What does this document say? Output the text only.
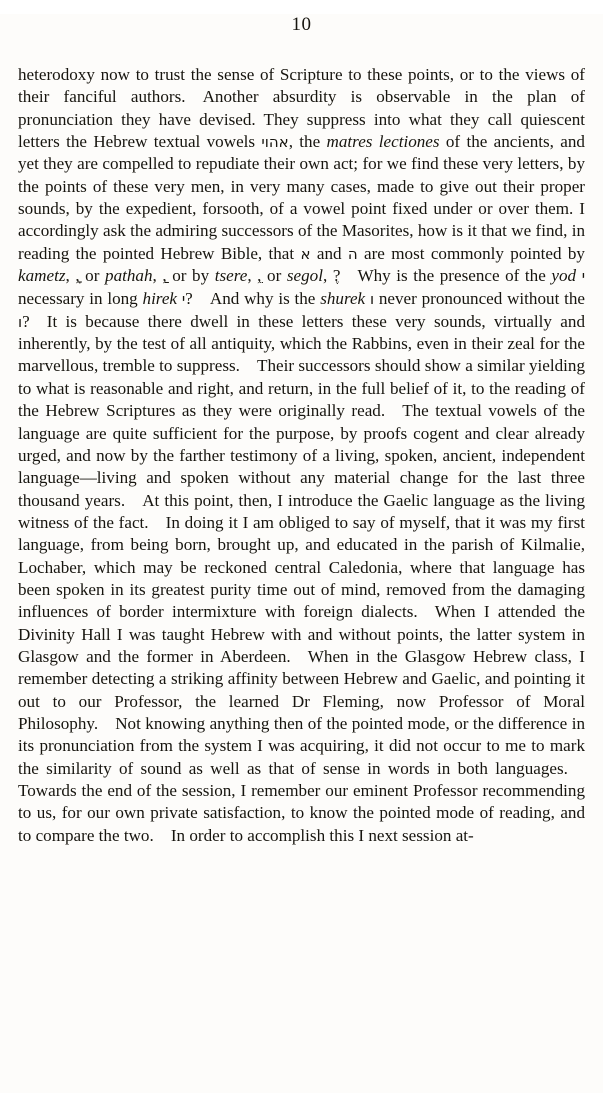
10

heterodoxy now to trust the sense of Scripture to these points, or to the views of their fanciful authors. Another absurdity is observable in the plan of pronunciation they have devised. They suppress into what they call quiescent letters the Hebrew textual vowels אהוי, the matres lectiones of the ancients, and yet they are compelled to repudiate their own act; for we find these very letters, by the points of these very men, in very many cases, made to give out their proper sounds, by the expedient, forsooth, of a vowel point fixed under or over them. I accordingly ask the admiring successors of the Masorites, how is it that we find, in reading the pointed Hebrew Bible, that א and ה are most commonly pointed by kametz, , or pathah, , or by tsere, , or segol, ? Why is the presence of the yod י necessary in long hirek י? And why is the shurek ו never pronounced without the ו? It is because there dwell in these letters these very sounds, virtually and inherently, by the test of all antiquity, which the Rabbins, even in their zeal for the marvellous, tremble to suppress. Their successors should show a similar yielding to what is reasonable and right, and return, in the full belief of it, to the reading of the Hebrew Scriptures as they were originally read. The textual vowels of the language are quite sufficient for the purpose, by proofs cogent and clear already urged, and now by the farther testimony of a living, spoken, ancient, independent language—living and spoken without any material change for the last three thousand years. At this point, then, I introduce the Gaelic language as the living witness of the fact. In doing it I am obliged to say of myself, that it was my first language, from being born, brought up, and educated in the parish of Kilmalie, Lochaber, which may be reckoned central Caledonia, where that language has been spoken in its greatest purity time out of mind, removed from the damaging influences of border intermixture with foreign dialects. When I attended the Divinity Hall I was taught Hebrew with and without points, the latter system in Glasgow and the former in Aberdeen. When in the Glasgow Hebrew class, I remember detecting a striking affinity between Hebrew and Gaelic, and pointing it out to our Professor, the learned Dr Fleming, now Professor of Moral Philosophy. Not knowing anything then of the pointed mode, or the difference in its pronunciation from the system I was acquiring, it did not occur to me to mark the similarity of sound as well as that of sense in words in both languages. Towards the end of the session, I remember our eminent Professor recommending to us, for our own private satisfaction, to know the pointed mode of reading, and to compare the two. In order to accomplish this I next session at-
